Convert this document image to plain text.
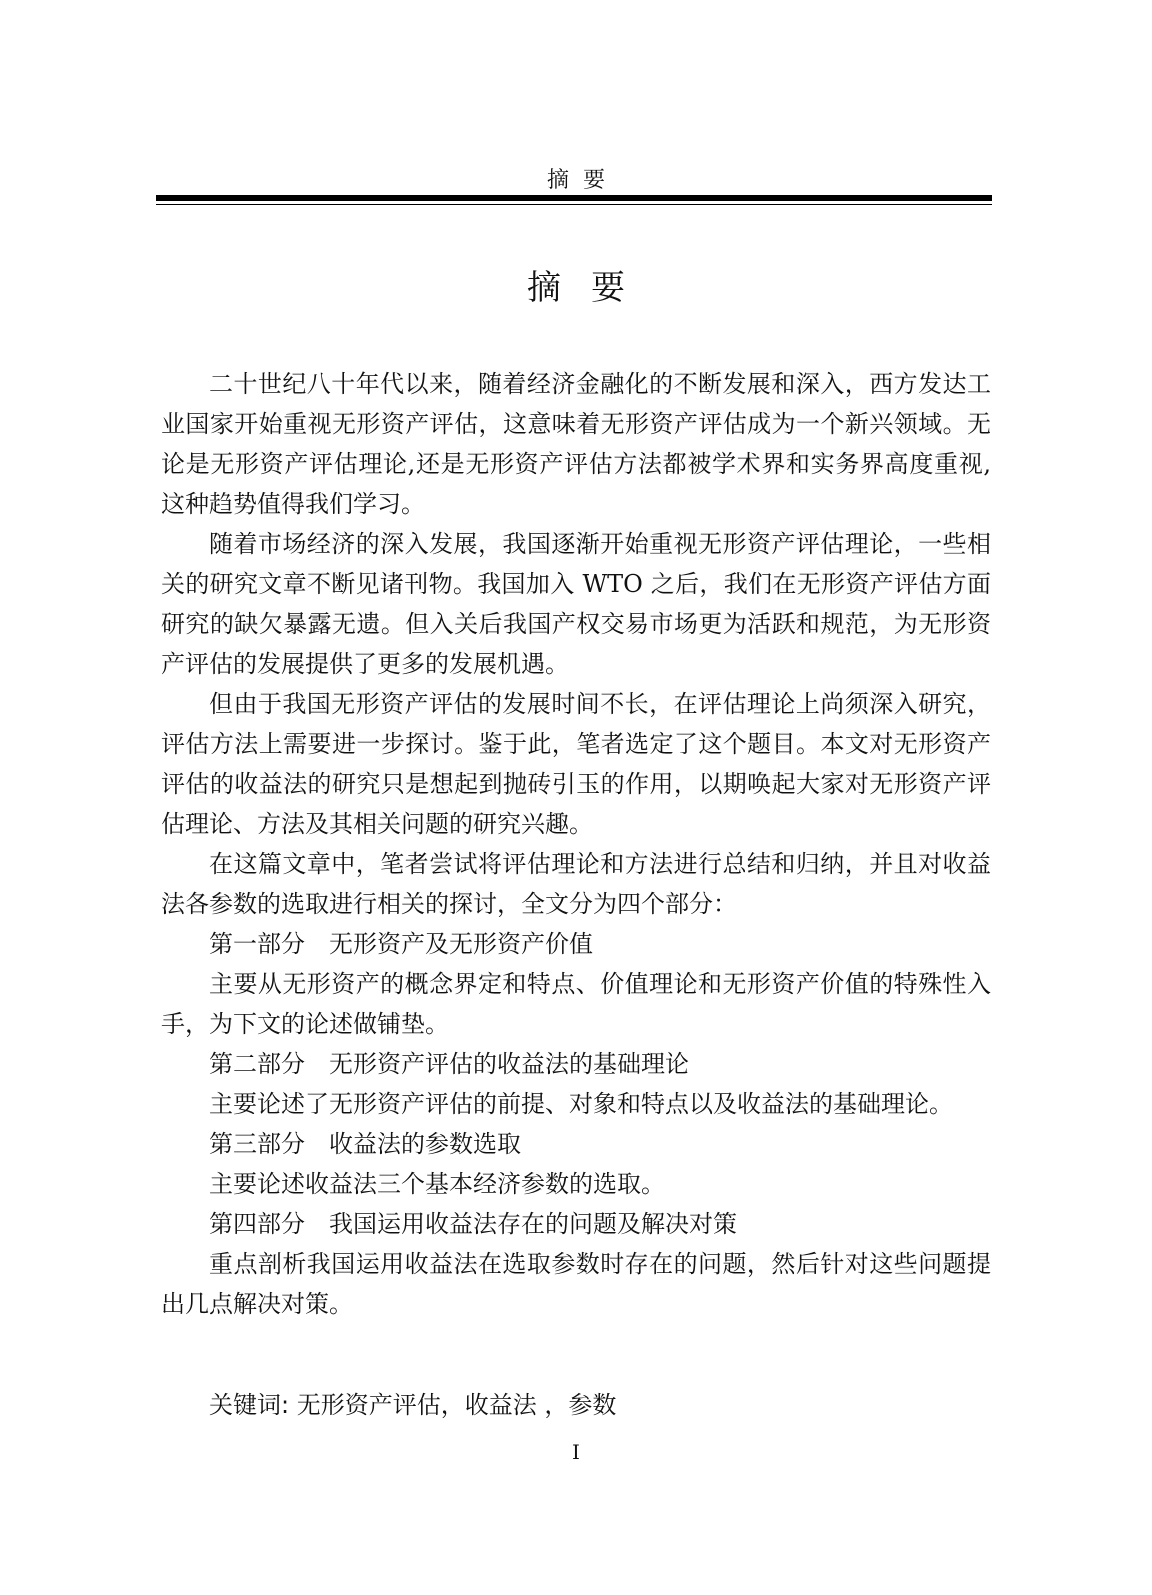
摘要
摘要

二十世纪八十年代以来，随着经济金融化的不断发展和深入，西方发达工业国家开始重视无形资产评估，这意味着无形资产评估成为一个新兴领域。无论是无形资产评估理论,还是无形资产评估方法都被学术界和实务界高度重视,这种趋势值得我们学习。

随着市场经济的深入发展，我国逐渐开始重视无形资产评估理论，一些相关的研究文章不断见诸刊物。我国加入 WTO 之后，我们在无形资产评估方面研究的缺欠暴露无遗。但入关后我国产权交易市场更为活跃和规范，为无形资产评估的发展提供了更多的发展机遇。

但由于我国无形资产评估的发展时间不长，在评估理论上尚须深入研究，评估方法上需要进一步探讨。鉴于此，笔者选定了这个题目。本文对无形资产评估的收益法的研究只是想起到抛砖引玉的作用，以期唤起大家对无形资产评估理论、方法及其相关问题的研究兴趣。

在这篇文章中，笔者尝试将评估理论和方法进行总结和归纳，并且对收益法各参数的选取进行相关的探讨，全文分为四个部分：

第一部分　无形资产及无形资产价值

主要从无形资产的概念界定和特点、价值理论和无形资产价值的特殊性入手，为下文的论述做铺垫。

第二部分　无形资产评估的收益法的基础理论

主要论述了无形资产评估的前提、对象和特点以及收益法的基础理论。

第三部分　收益法的参数选取

主要论述收益法三个基本经济参数的选取。

第四部分　我国运用收益法存在的问题及解决对策

重点剖析我国运用收益法在选取参数时存在的问题，然后针对这些问题提出几点解决对策。

关键词: 无形资产评估，收益法 ，参数
I
